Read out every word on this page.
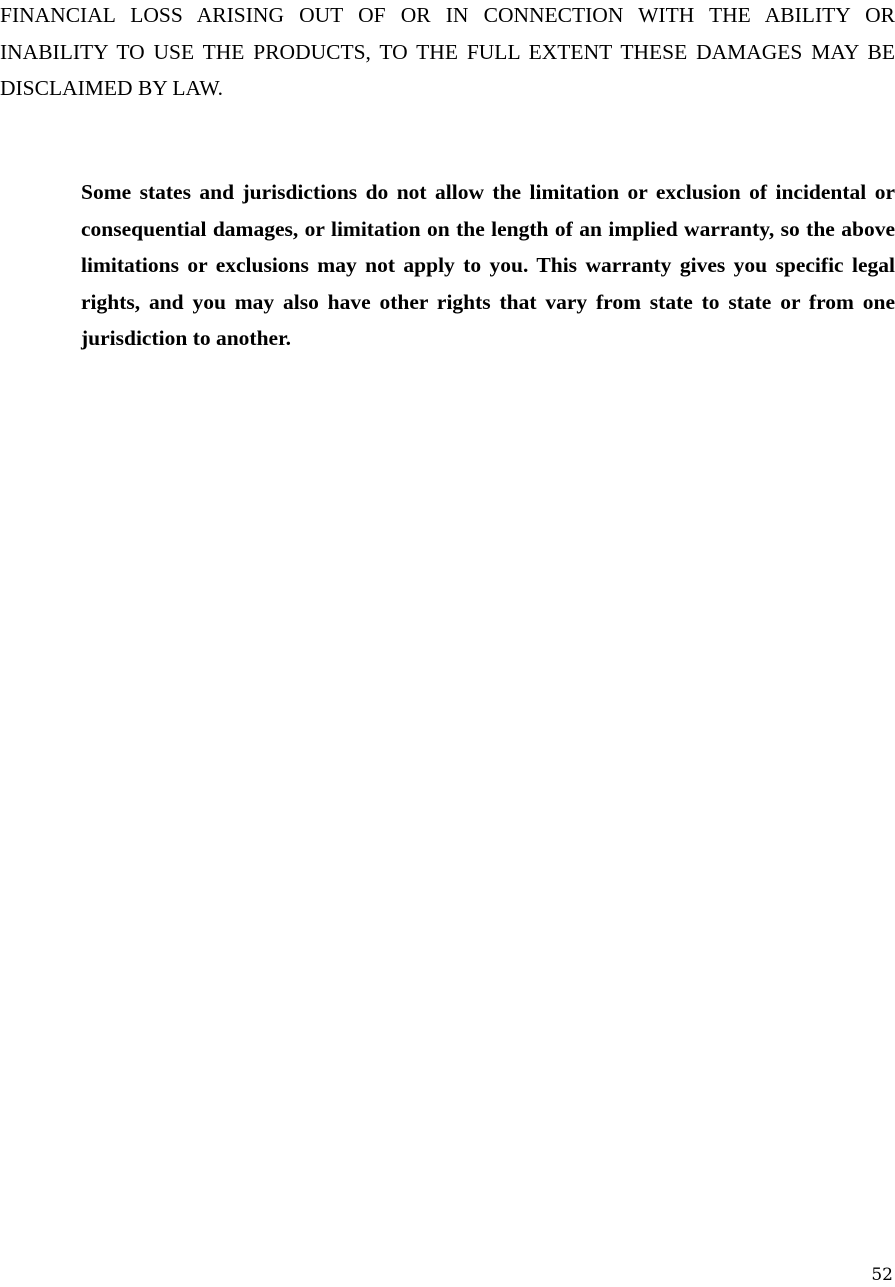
FINANCIAL LOSS ARISING OUT OF OR IN CONNECTION WITH THE ABILITY OR INABILITY TO USE THE PRODUCTS, TO THE FULL EXTENT THESE DAMAGES MAY BE DISCLAIMED BY LAW.

Some states and jurisdictions do not allow the limitation or exclusion of incidental or consequential damages, or limitation on the length of an implied warranty, so the above limitations or exclusions may not apply to you. This warranty gives you specific legal rights, and you may also have other rights that vary from state to state or from one jurisdiction to another.

52
